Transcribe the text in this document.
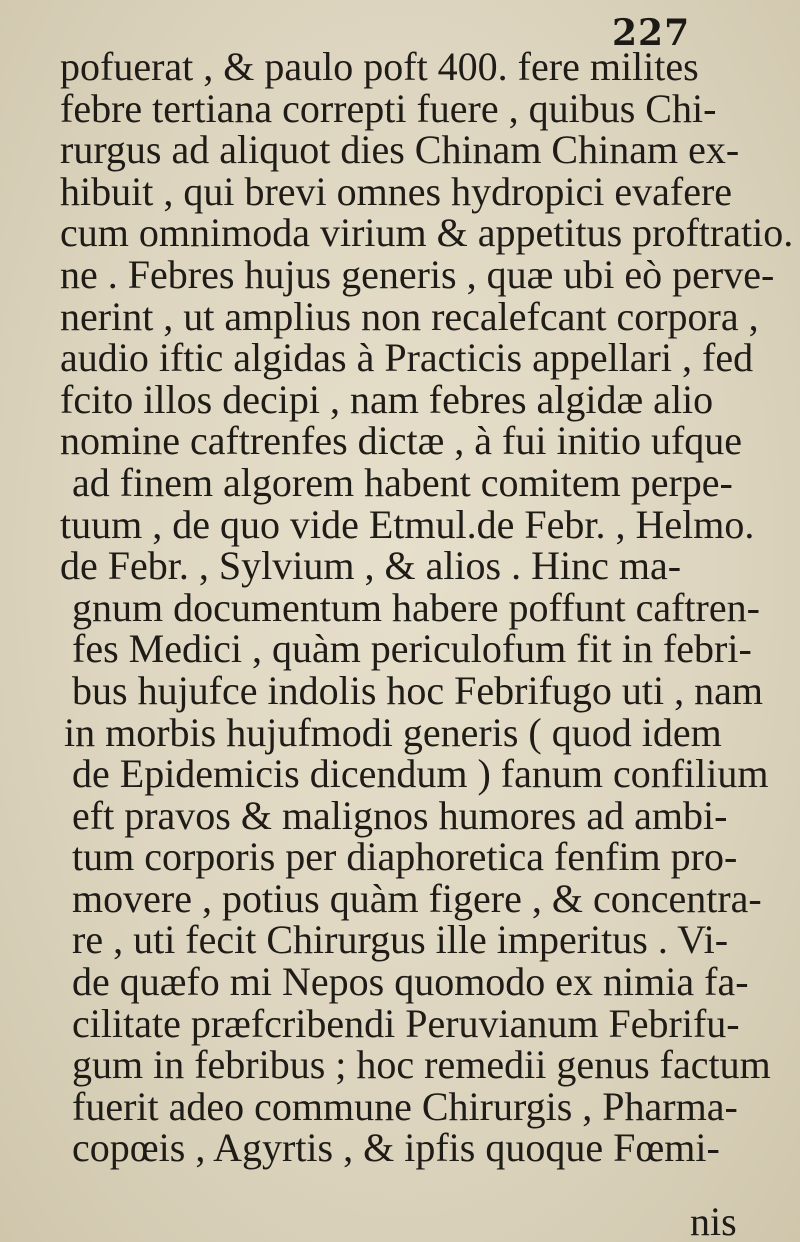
227
pofuerat , & paulo poft 400. fere milites
febre tertiana correpti fuere , quibus Chi-
rurgus ad aliquot dies Chinam Chinam ex-
hibuit , qui brevi omnes hydropici evafere
cum omnimoda virium & appetitus proftratio.
ne . Febres hujus generis , quæ ubi eò perve-
nerint , ut amplius non recalefcant corpora ,
audio iftic algidas à Practicis appellari , fed
fcito illos decipi , nam febres algidæ alio
nomine caftrenfes dictæ , à fui initio ufque
ad finem algorem habent comitem perpe-
tuum , de quo vide Etmul.de Febr. , Helmo.
de Febr. , Sylvium , & alios . Hinc ma-
gnum documentum habere poffunt caftren-
fes Medici , quàm periculofum fit in febri-
bus hujufce indolis hoc Febrifugo uti , nam
in morbis hujufmodi generis ( quod idem
de Epidemicis dicendum ) fanum confilium
eft pravos & malignos humores ad ambi-
tum corporis per diaphoretica fenfim pro-
movere , potius quàm figere , & concentra-
re , uti fecit Chirurgus ille imperitus . Vi-
de quæfo mi Nepos quomodo ex nimia fa-
cilitate præfcribendi Peruvianum Febrifu-
gum in febribus ; hoc remedii genus factum
fuerit adeo commune Chirurgis , Pharma-
copœis , Agyrtis , & ipfis quoque Fœmi-
nis
